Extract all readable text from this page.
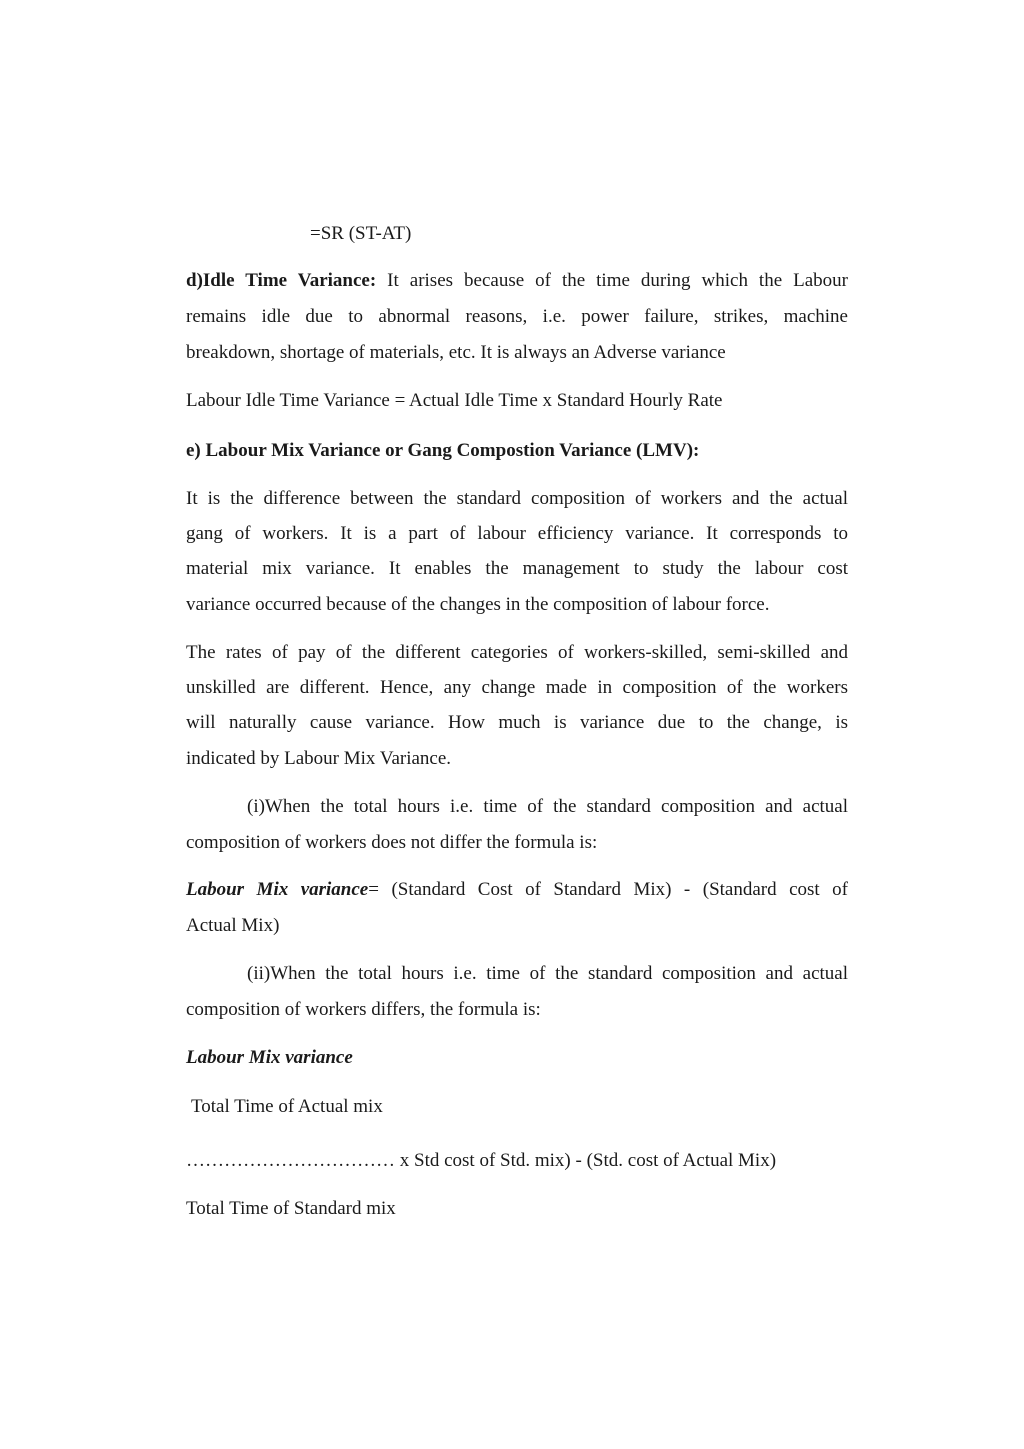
=SR (ST-AT)
d)Idle Time Variance: It arises because of the time during which the Labour
remains idle due to abnormal reasons, i.e. power failure, strikes, machine
breakdown, shortage of materials, etc. It is always an Adverse variance
Labour Idle Time Variance = Actual Idle Time x Standard Hourly Rate
e) Labour Mix Variance or Gang Compostion Variance (LMV):
It is the difference between the standard composition of workers and the actual
gang of workers. It is a part of labour efficiency variance. It corresponds to
material mix variance. It enables the management to study the labour cost
variance occurred because of the changes in the composition of labour force.
The rates of pay of the different categories of workers-skilled, semi-skilled and
unskilled are different. Hence, any change made in composition of the workers
will naturally cause variance. How much is variance due to the change, is
indicated by Labour Mix Variance.
(i)When the total hours i.e. time of the standard composition and actual
composition of workers does not differ the formula is:
Labour Mix variance= (Standard Cost of Standard Mix) - (Standard cost of
Actual Mix)
(ii)When the total hours i.e. time of the standard composition and actual
composition of workers differs, the formula is:
Labour Mix variance
Total Time of Actual mix
…………………………… x Std cost of Std. mix) - (Std. cost of Actual Mix)
Total Time of Standard mix
